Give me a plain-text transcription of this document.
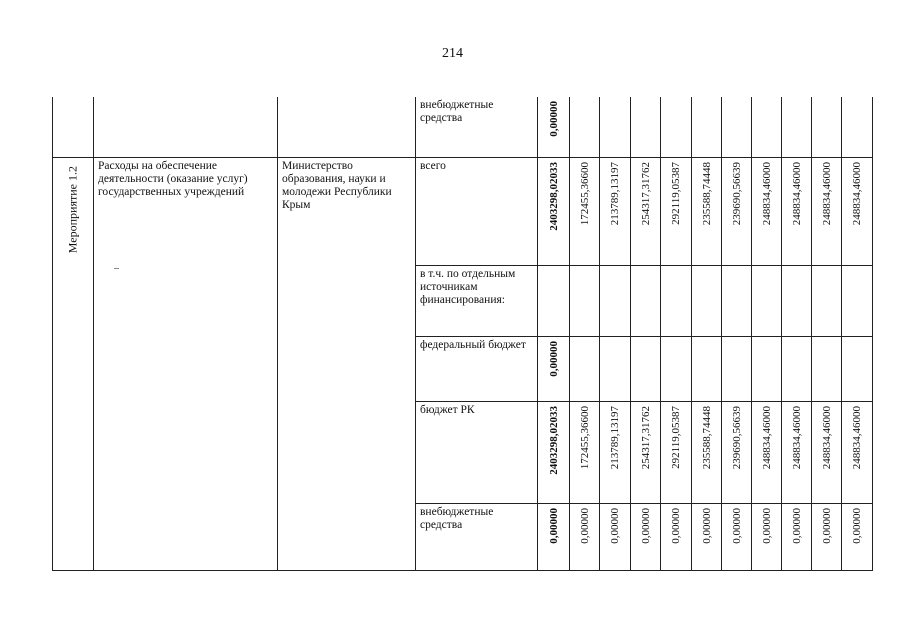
214
			внебюджетные средства	0,00000										

Мероприятие 1.2	Расходы на обеспечение деятельности (оказание услуг) государственных учреждений	Министерство образования, науки и молодежи Республики Крым	всего	2403298,02033	172455,36600	213789,13197	254317,31762	292119,05387	235588,74448	239690,56639	248834,46000	248834,46000	248834,46000	248834,46000

			в т.ч. по отдельным источникам финансирования:	

			федеральный бюджет	0,00000										

			бюджет РК	2403298,02033	172455,36600	213789,13197	254317,31762	292119,05387	235588,74448	239690,56639	248834,46000	248834,46000	248834,46000	248834,46000

			внебюджетные средства	0,00000	0,00000	0,00000	0,00000	0,00000	0,00000	0,00000	0,00000	0,00000	0,00000	0,00000
